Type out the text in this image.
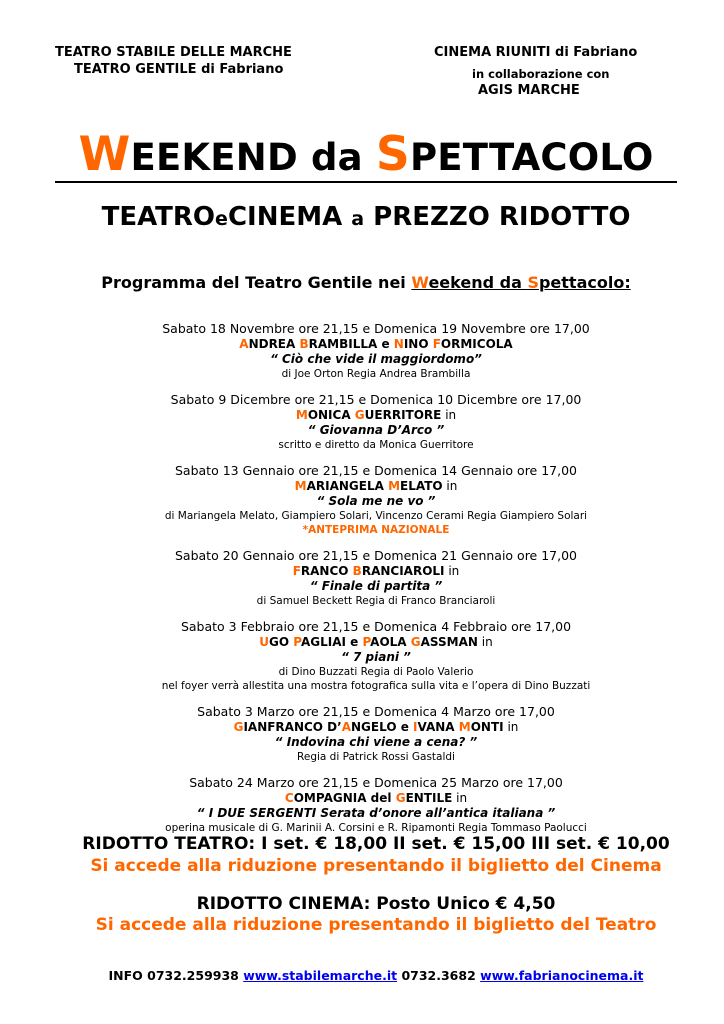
TEATRO STABILE DELLE MARCHE
TEATRO GENTILE di Fabriano
CINEMA RIUNITI di Fabriano
in collaborazione con
AGIS MARCHE
WEEKEND da SPETTACOLO
TEATROeCINEMA a PREZZO RIDOTTO
Programma del Teatro Gentile nei Weekend da Spettacolo:
Sabato 18 Novembre ore 21,15 e Domenica 19 Novembre ore 17,00
ANDREA BRAMBILLA e NINO FORMICOLA
“ Ciò che vide il maggiordomo”
di Joe Orton Regia Andrea Brambilla
Sabato 9 Dicembre ore 21,15 e Domenica 10 Dicembre ore 17,00
MONICA GUERRITORE in
“ Giovanna D’Arco ”
scritto e diretto da Monica Guerritore
Sabato 13 Gennaio ore 21,15 e Domenica 14 Gennaio ore 17,00
MARIANGELA MELATO in
“ Sola me ne vo ”
di Mariangela Melato, Giampiero Solari, Vincenzo Cerami Regia Giampiero Solari
*ANTEPRIMA NAZIONALE
Sabato 20 Gennaio ore 21,15 e Domenica 21 Gennaio ore 17,00
FRANCO BRANCIAROLI in
“ Finale di partita ”
di Samuel Beckett Regia di Franco Branciaroli
Sabato 3 Febbraio ore 21,15 e Domenica 4 Febbraio ore 17,00
UGO PAGLIAI e PAOLA GASSMAN in
“ 7 piani ”
di Dino Buzzati Regia di Paolo Valerio
nel foyer verrà allestita una mostra fotografica sulla vita e l’opera di Dino Buzzati
Sabato 3 Marzo ore 21,15 e Domenica 4 Marzo ore 17,00
GIANFRANCO D’ANGELO e IVANA MONTI in
“ Indovina chi viene a cena? ”
Regia di Patrick Rossi Gastaldi
Sabato 24 Marzo ore 21,15 e Domenica 25 Marzo ore 17,00
COMPAGNIA del GENTILE in
“ I DUE SERGENTI Serata d’onore all’antica italiana ”
operina musicale di G. Marinii A. Corsini e R. Ripamonti Regia Tommaso Paolucci
RIDOTTO TEATRO: I set. € 18,00 II set. € 15,00 III set. € 10,00
Si accede alla riduzione presentando il biglietto del Cinema
RIDOTTO CINEMA: Posto Unico € 4,50
Si accede alla riduzione presentando il biglietto del Teatro
INFO 0732.259938 www.stabilemarche.it 0732.3682 www.fabrianocinema.it
